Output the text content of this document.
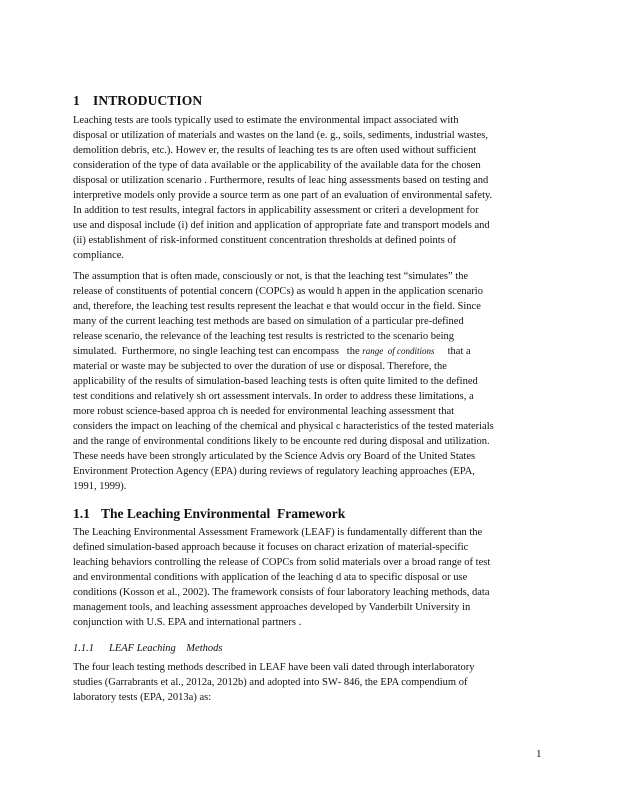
1 INTRODUCTION
Leaching tests are tools typically used to estimate the environmental impact associated with
disposal or utilization of materials and wastes on the land (e. g., soils, sediments, industrial wastes,
demolition debris, etc.). Howev er, the results of leaching tes ts are often used without sufficient
consideration of the type of data available or the applicability of the available data for the chosen
disposal or utilization scenario . Furthermore, results of leac hing assessments based on testing and
interpretive models only provide a source term as one part of an evaluation of environmental safety.
In addition to test results, integral factors in applicability assessment or criteri a development for
use and disposal include (i) def inition and application of appropriate fate and transport models and
(ii) establishment of risk‐informed constituent concentration thresholds at defined points of
compliance.
The assumption that is often made, consciously or not, is that the leaching test “simulates” the
release of constituents of potential concern (COPCs) as would h appen in the application scenario
and, therefore, the leaching test results represent the leachat e that would occur in the field. Since
many of the current leaching test methods are based on simulation of a particular pre‐defined
release scenario, the relevance of the leaching test results is restricted to the scenario being
simulated.  Furthermore, no single leaching test can encompass   the range  of conditions     that a
material or waste may be subjected to over the duration of use or disposal. Therefore, the
applicability of the results of simulation‐based leaching tests is often quite limited to the defined
test conditions and relatively sh ort assessment intervals. In order to address these limitations, a
more robust science‐based approa ch is needed for environmental leaching assessment that
considers the impact on leaching of the chemical and physical c haracteristics of the tested materials
and the range of environmental conditions likely to be encounte red during disposal and utilization.
These needs have been strongly articulated by the Science Advis ory Board of the United States
Environment Protection Agency (EPA) during reviews of regulatory leaching approaches (EPA,
1991, 1999).
1.1 The Leaching Environmental  Framework
The Leaching Environmental Assessment Framework (LEAF) is fundamentally different than the
defined simulation‐based approach because it focuses on charact erization of material‐specific
leaching behaviors controlling the release of COPCs from solid materials over a broad range of test
and environmental conditions with application of the leaching d ata to specific disposal or use
conditions (Kosson et al., 2002). The framework consists of four laboratory leaching methods, data
management tools, and leaching assessment approaches developed by Vanderbilt University in
conjunction with U.S. EPA and international partners .
1.1.1 LEAF Leaching    Methods
The four leach testing methods described in LEAF have been vali dated through interlaboratory
studies (Garrabrants et al., 2012a, 2012b) and adopted into SW‐ 846, the EPA compendium of
laboratory tests (EPA, 2013a) as:
1
